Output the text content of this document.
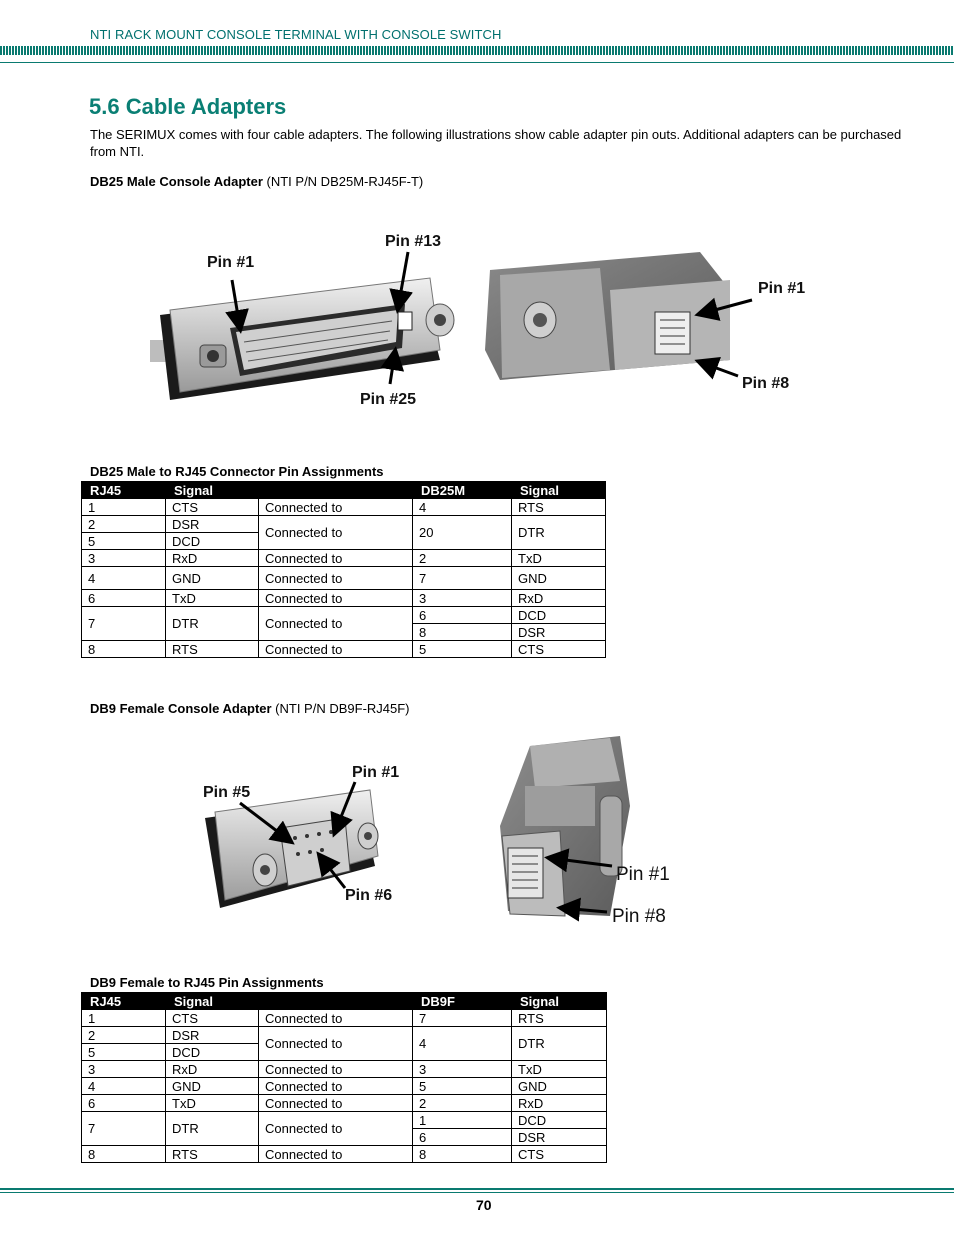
NTI RACK MOUNT CONSOLE TERMINAL WITH CONSOLE SWITCH
5.6 Cable Adapters
The SERIMUX comes with four cable adapters. The following illustrations show cable adapter pin outs. Additional adapters can be purchased from NTI.
DB25 Male Console Adapter (NTI P/N DB25M-RJ45F-T)
Pin #1
Pin #13
Pin #25
Pin #1
Pin #8
DB25 Male to RJ45 Connector Pin Assignments
RJ45	Signal		DB25M	Signal
1	CTS	Connected to	4	RTS
2	DSR	Connected to	20	DTR
5	DCD			
3	RxD	Connected to	2	TxD
4	GND	Connected to	7	GND
6	TxD	Connected to	3	RxD
7	DTR	Connected to	6	DCD
			8	DSR
8	RTS	Connected to	5	CTS
DB9 Female Console Adapter (NTI P/N DB9F-RJ45F)
Pin #5
Pin #1
Pin #6
Pin #1
Pin #8
DB9 Female to RJ45 Pin Assignments
RJ45	Signal		DB9F	Signal
1	CTS	Connected to	7	RTS
2	DSR	Connected to	4	DTR
5	DCD			
3	RxD	Connected to	3	TxD
4	GND	Connected to	5	GND
6	TxD	Connected to	2	RxD
7	DTR	Connected to	1	DCD
			6	DSR
8	RTS	Connected to	8	CTS
70
